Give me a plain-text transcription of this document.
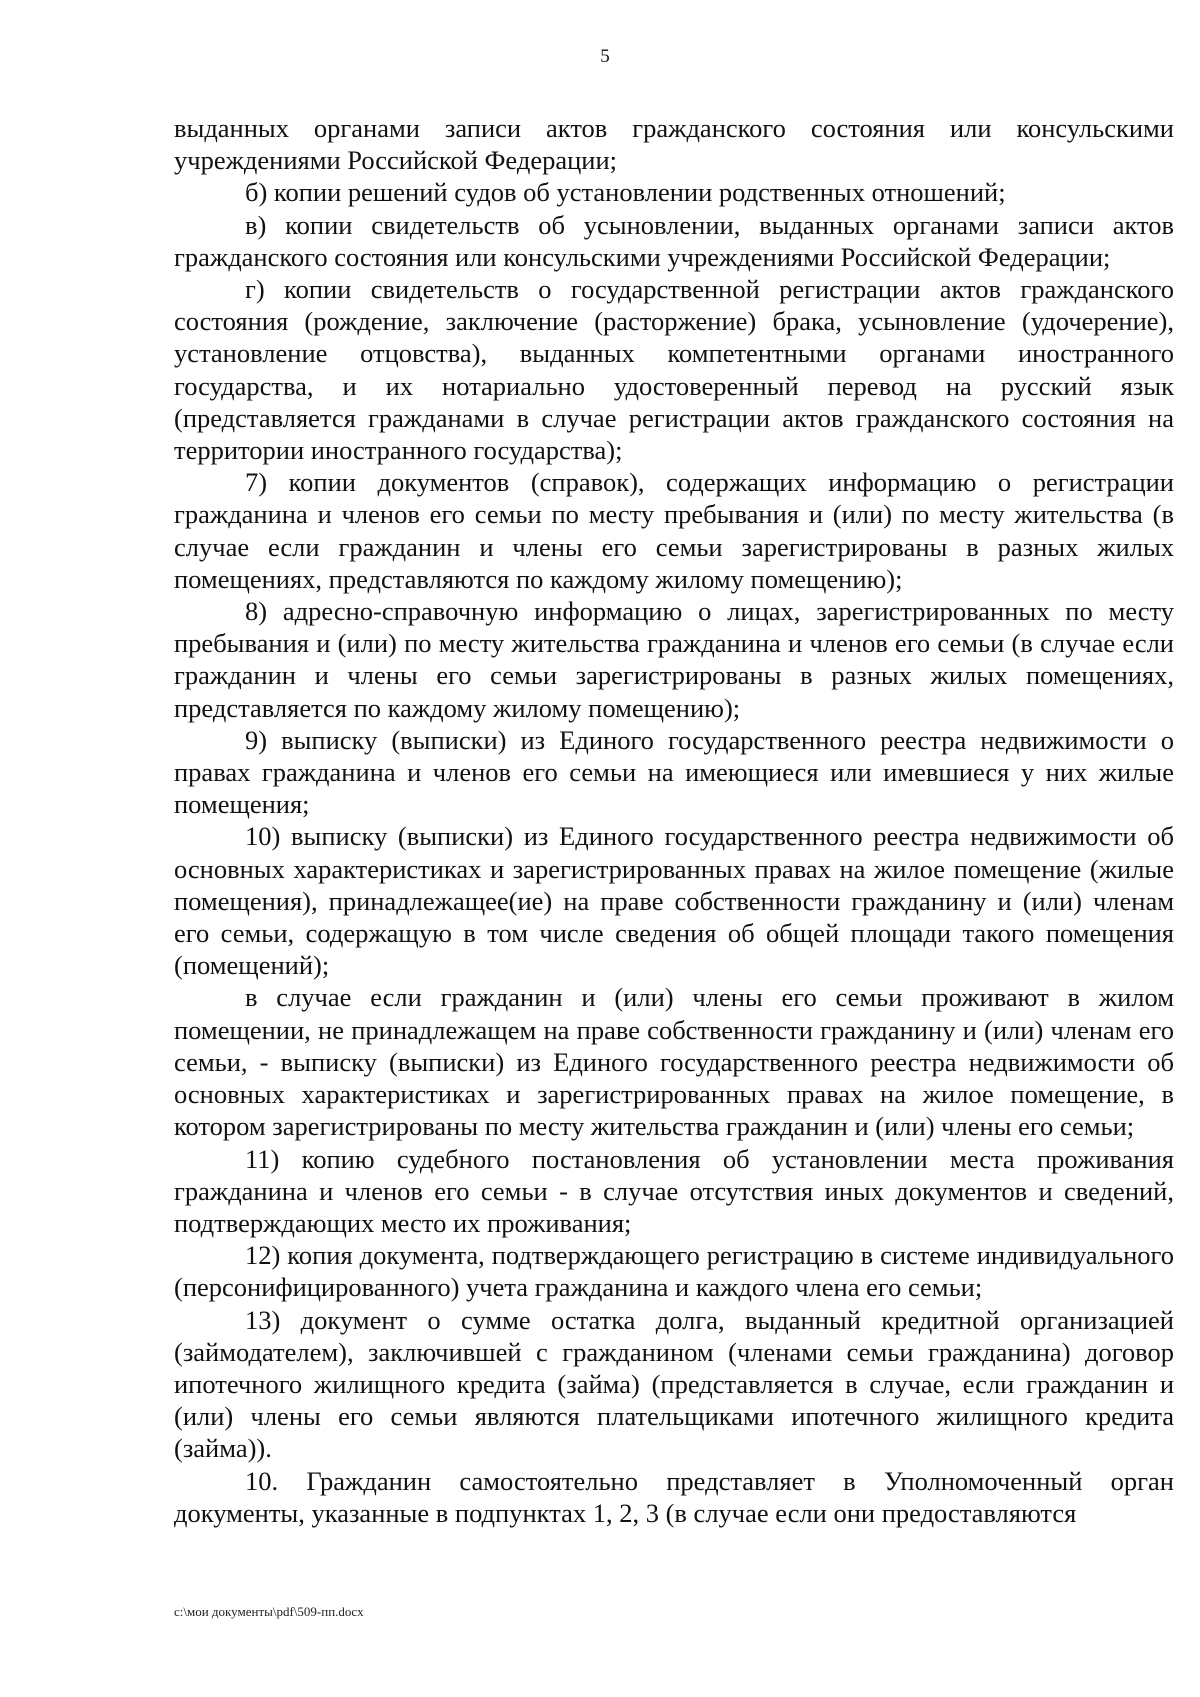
5

выданных органами записи актов гражданского состояния или консульскими учреждениями Российской Федерации;

б) копии решений судов об установлении родственных отношений;

в) копии свидетельств об усыновлении, выданных органами записи актов гражданского состояния или консульскими учреждениями Российской Федерации;

г) копии свидетельств о государственной регистрации актов гражданского состояния (рождение, заключение (расторжение) брака, усыновление (удочерение), установление отцовства), выданных компетентными органами иностранного государства, и их нотариально удостоверенный перевод на русский язык (представляется гражданами в случае регистрации актов гражданского состояния на территории иностранного государства);

7) копии документов (справок), содержащих информацию о регистрации гражданина и членов его семьи по месту пребывания и (или) по месту жительства (в случае если гражданин и члены его семьи зарегистрированы в разных жилых помещениях, представляются по каждому жилому помещению);

8) адресно-справочную информацию о лицах, зарегистрированных по месту пребывания и (или) по месту жительства гражданина и членов его семьи (в случае если гражданин и члены его семьи зарегистрированы в разных жилых помещениях, представляется по каждому жилому помещению);

9) выписку (выписки) из Единого государственного реестра недвижимости о правах гражданина и членов его семьи на имеющиеся или имевшиеся у них жилые помещения;

10) выписку (выписки) из Единого государственного реестра недвижимости об основных характеристиках и зарегистрированных правах на жилое помещение (жилые помещения), принадлежащее(ие) на праве собственности гражданину и (или) членам его семьи, содержащую в том числе сведения об общей площади такого помещения (помещений);

в случае если гражданин и (или) члены его семьи проживают в жилом помещении, не принадлежащем на праве собственности гражданину и (или) членам его семьи, - выписку (выписки) из Единого государственного реестра недвижимости об основных характеристиках и зарегистрированных правах на жилое помещение, в котором зарегистрированы по месту жительства гражданин и (или) члены его семьи;

11) копию судебного постановления об установлении места проживания гражданина и членов его семьи - в случае отсутствия иных документов и сведений, подтверждающих место их проживания;

12) копия документа, подтверждающего регистрацию в системе индивидуального (персонифицированного) учета гражданина и каждого члена его семьи;

13) документ о сумме остатка долга, выданный кредитной организацией (займодателем), заключившей с гражданином (членами семьи гражданина) договор ипотечного жилищного кредита (займа) (представляется в случае, если гражданин и (или) члены его семьи являются плательщиками ипотечного жилищного кредита (займа)).

10. Гражданин самостоятельно представляет в Уполномоченный орган документы, указанные в подпунктах 1, 2, 3 (в случае если они предоставляются

c:\мои документы\pdf\509-пп.docx
